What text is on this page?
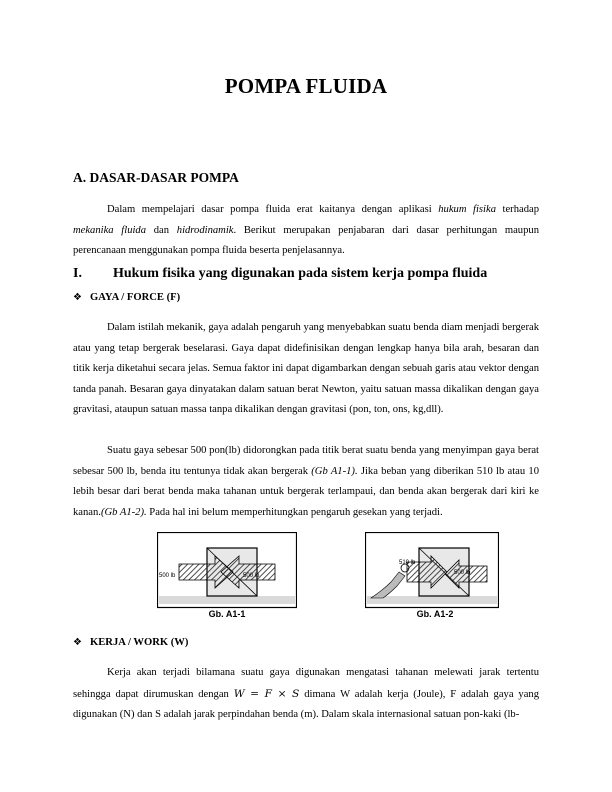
POMPA FLUIDA
A. DASAR-DASAR POMPA

Dalam mempelajari dasar pompa fluida erat kaitanya dengan aplikasi hukum fisika terhadap mekanika fluida dan hidrodinamik. Berikut merupakan penjabaran dari dasar perhitungan maupun perencanaan menggunakan pompa fluida beserta penjelasannya.

I. Hukum fisika yang digunakan pada sistem kerja pompa fluida
❖ GAYA / FORCE (F)

Dalam istilah mekanik, gaya adalah pengaruh yang menyebabkan suatu benda diam menjadi bergerak atau yang tetap bergerak beselarasi. Gaya dapat didefinisikan dengan lengkap hanya bila arah, besaran dan titik kerja diketahui secara jelas. Semua faktor ini dapat digambarkan dengan sebuah garis atau vektor dengan tanda panah. Besaran gaya dinyatakan dalam satuan berat Newton, yaitu satuan massa dikalikan dengan gaya gravitasi, ataupun satuan massa tanpa dikalikan dengan gravitasi (pon, ton, ons, kg,dll).

Suatu gaya sebesar 500 pon(lb) didorongkan pada titik berat suatu benda yang menyimpan gaya berat sebesar 500 lb, benda itu tentunya tidak akan bergerak (Gb A1-1). Jika beban yang diberikan 510 lb atau 10 lebih besar dari berat benda maka tahanan untuk bergerak terlampaui, dan benda akan bergerak dari kiri ke kanan.(Gb A1-2). Pada hal ini belum memperhitungkan pengaruh gesekan yang terjadi.

500 lb	500 lb
Gb. A1-1
510 lb
500 lb
Gb. A1-2
❖ KERJA / WORK (W)

Kerja akan terjadi bilamana suatu gaya digunakan mengatasi tahanan melewati jarak tertentu sehingga dapat dirumuskan dengan W = F × S dimana W adalah kerja (Joule), F adalah gaya yang digunakan (N) dan S adalah jarak perpindahan benda (m). Dalam skala internasional satuan pon-kaki (lb-
